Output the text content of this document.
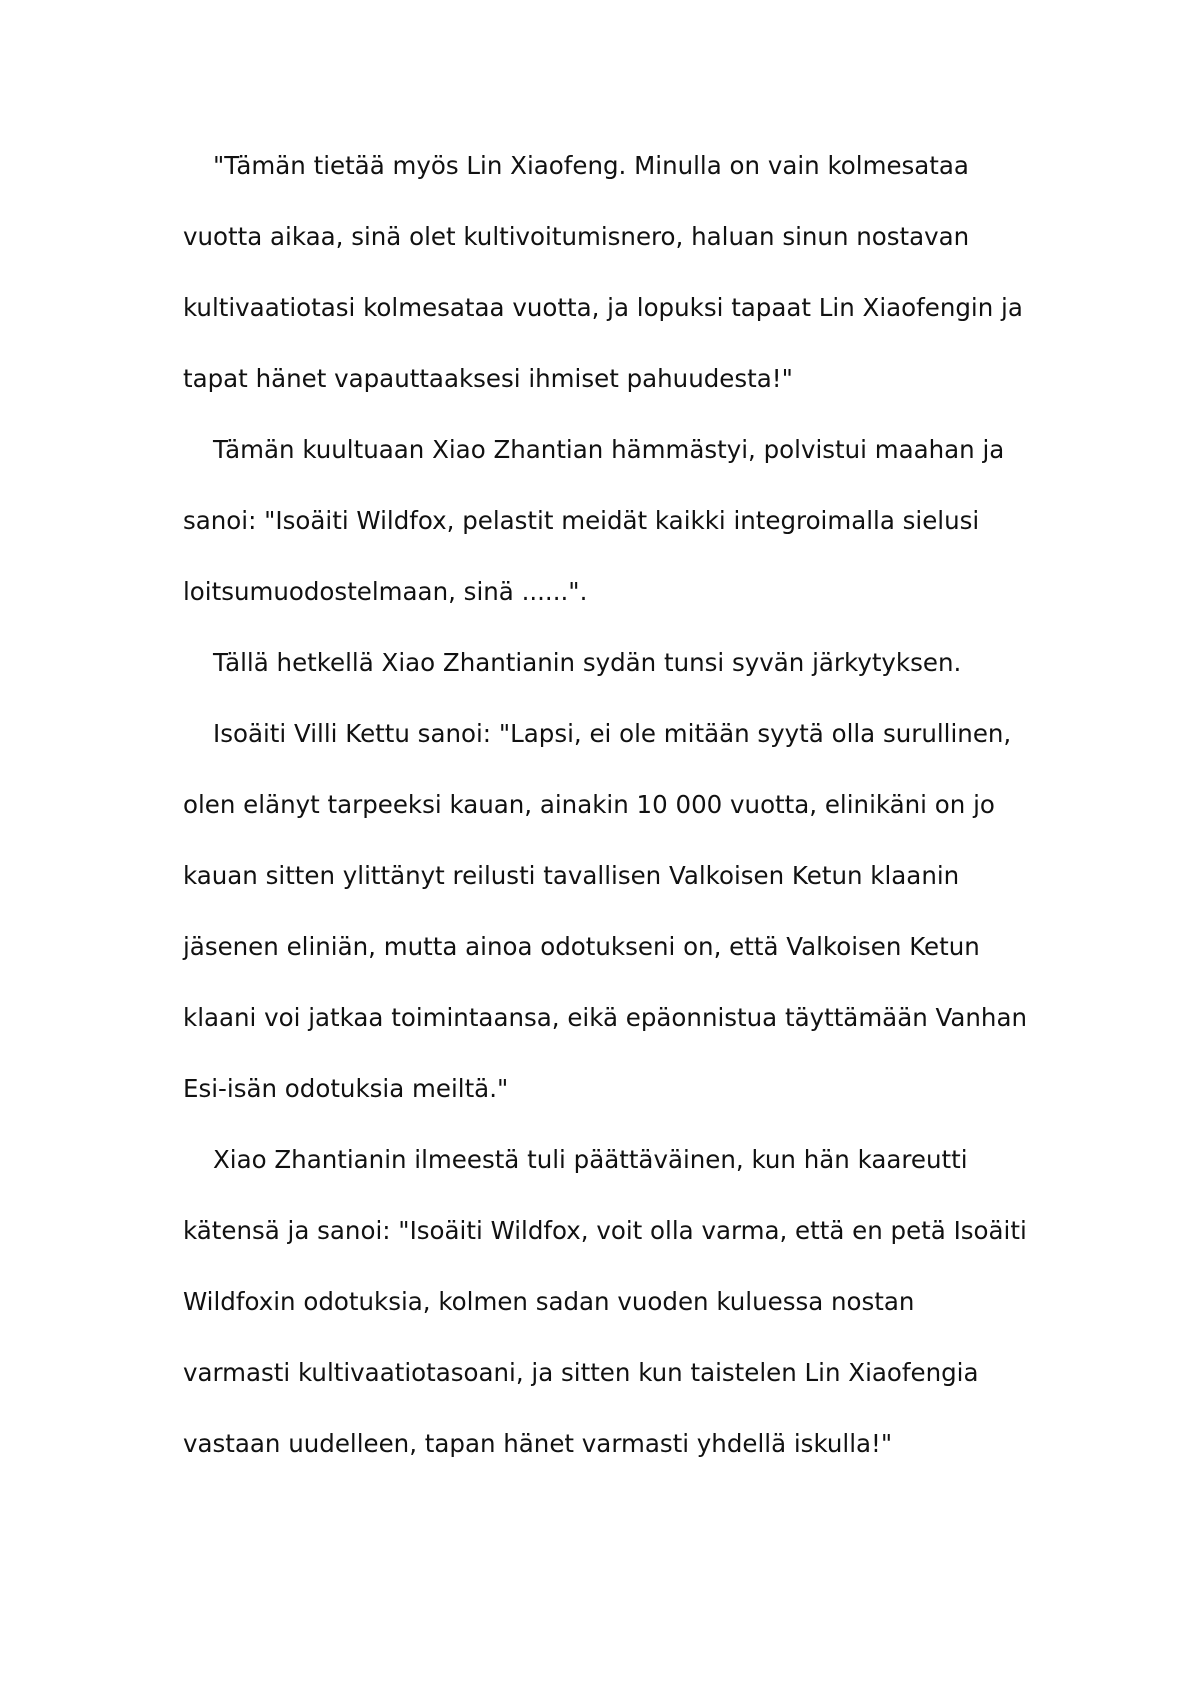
"Tämän tietää myös Lin Xiaofeng. Minulla on vain kolmesataa
vuotta aikaa, sinä olet kultivoitumisnero, haluan sinun nostavan
kultivaatiotasi kolmesataa vuotta, ja lopuksi tapaat Lin Xiaofengin ja
tapat hänet vapauttaaksesi ihmiset pahuudesta!"
Tämän kuultuaan Xiao Zhantian hämmästyi, polvistui maahan ja
sanoi: "Isoäiti Wildfox, pelastit meidät kaikki integroimalla sielusi
loitsumuodostelmaan, sinä ......".
Tällä hetkellä Xiao Zhantianin sydän tunsi syvän järkytyksen.
Isoäiti Villi Kettu sanoi: "Lapsi, ei ole mitään syytä olla surullinen,
olen elänyt tarpeeksi kauan, ainakin 10 000 vuotta, elinikäni on jo
kauan sitten ylittänyt reilusti tavallisen Valkoisen Ketun klaanin
jäsenen eliniän, mutta ainoa odotukseni on, että Valkoisen Ketun
klaani voi jatkaa toimintaansa, eikä epäonnistua täyttämään Vanhan
Esi-isän odotuksia meiltä."
Xiao Zhantianin ilmeestä tuli päättäväinen, kun hän kaareutti
kätensä ja sanoi: "Isoäiti Wildfox, voit olla varma, että en petä Isoäiti
Wildfoxin odotuksia, kolmen sadan vuoden kuluessa nostan
varmasti kultivaatiotasoani, ja sitten kun taistelen Lin Xiaofengia
vastaan uudelleen, tapan hänet varmasti yhdellä iskulla!"
